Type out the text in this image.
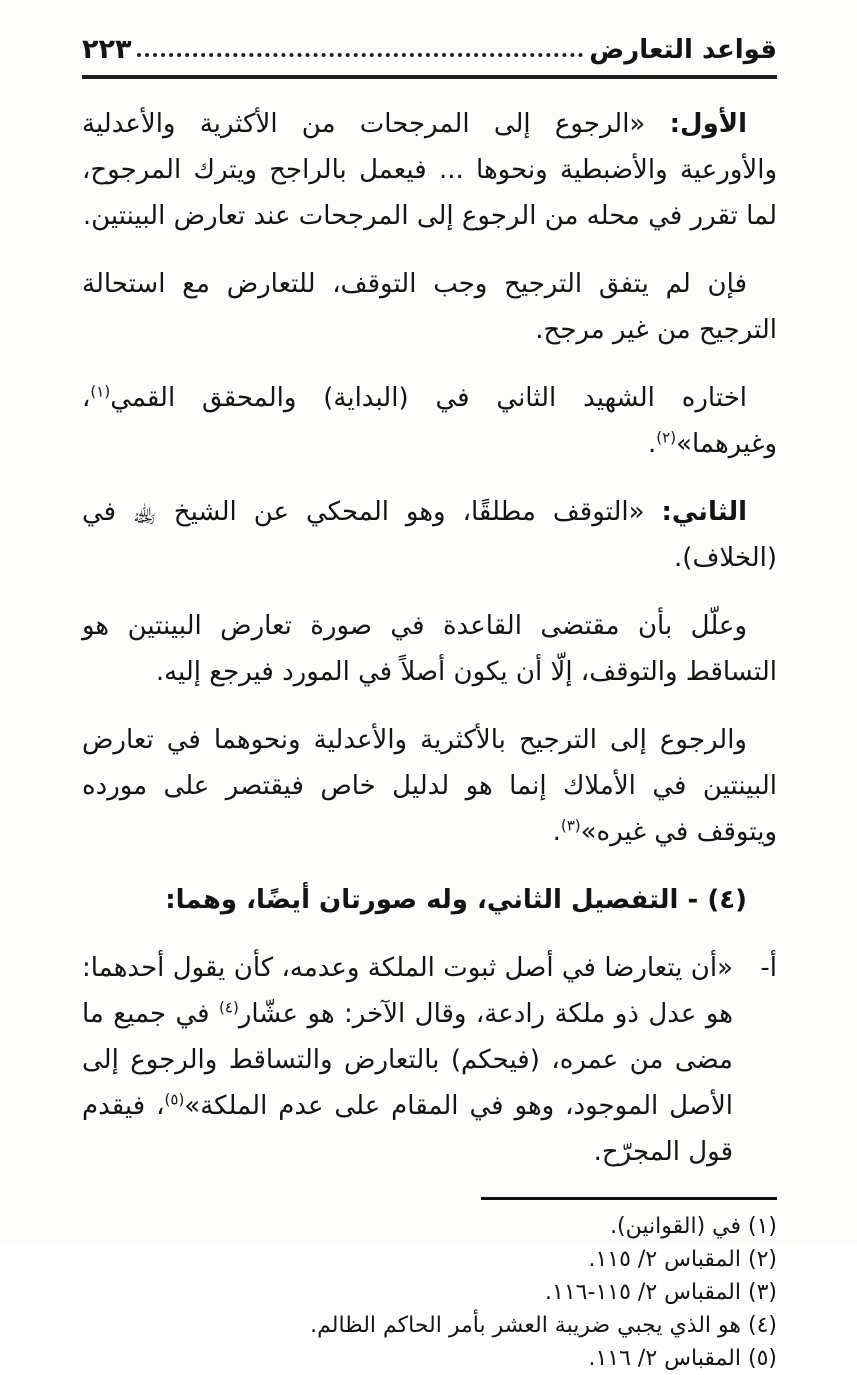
قواعد التعارض
٢٢٣

الأول: «الرجوع إلى المرجحات من الأكثرية والأعدلية والأورعية والأضبطية ونحوها ... فيعمل بالراجح ويترك المرجوح، لما تقرر في محله من الرجوع إلى المرجحات عند تعارض البينتين.

فإن لم يتفق الترجيح وجب التوقف، للتعارض مع استحالة الترجيح من غير مرجح.

اختاره الشهيد الثاني في (البداية) والمحقق القمي$^{(١)}$، وغيرهما»$^{(٢)}$.

الثاني: «التوقف مطلقًا، وهو المحكي عن الشيخ ﵀ في (الخلاف).

وعلّل بأن مقتضى القاعدة في صورة تعارض البينتين هو التساقط والتوقف، إلّا أن يكون أصلاً في المورد فيرجع إليه.

والرجوع إلى الترجيح بالأكثرية والأعدلية ونحوهما في تعارض البينتين في الأملاك إنما هو لدليل خاص فيقتصر على مورده ويتوقف في غيره»$^{(٣)}$.

(٤) - التفصيل الثاني، وله صورتان أيضًا، وهما:

أ-
«أن يتعارضا في أصل ثبوت الملكة وعدمه، كأن يقول أحدهما: هو عدل ذو ملكة رادعة، وقال الآخر: هو عشّار$^{(٤)}$ في جميع ما مضى من عمره، (فيحكم) بالتعارض والتساقط والرجوع إلى الأصل الموجود، وهو في المقام على عدم الملكة»$^{(٥)}$، فيقدم قول المجرّح.
(١) في (القوانين).
(٢) المقباس ٢/ ١١٥.
(٣) المقباس ٢/ ١١٥-١١٦.
(٤) هو الذي يجبي ضريبة العشر بأمر الحاكم الظالم.
(٥) المقباس ٢/ ١١٦.
